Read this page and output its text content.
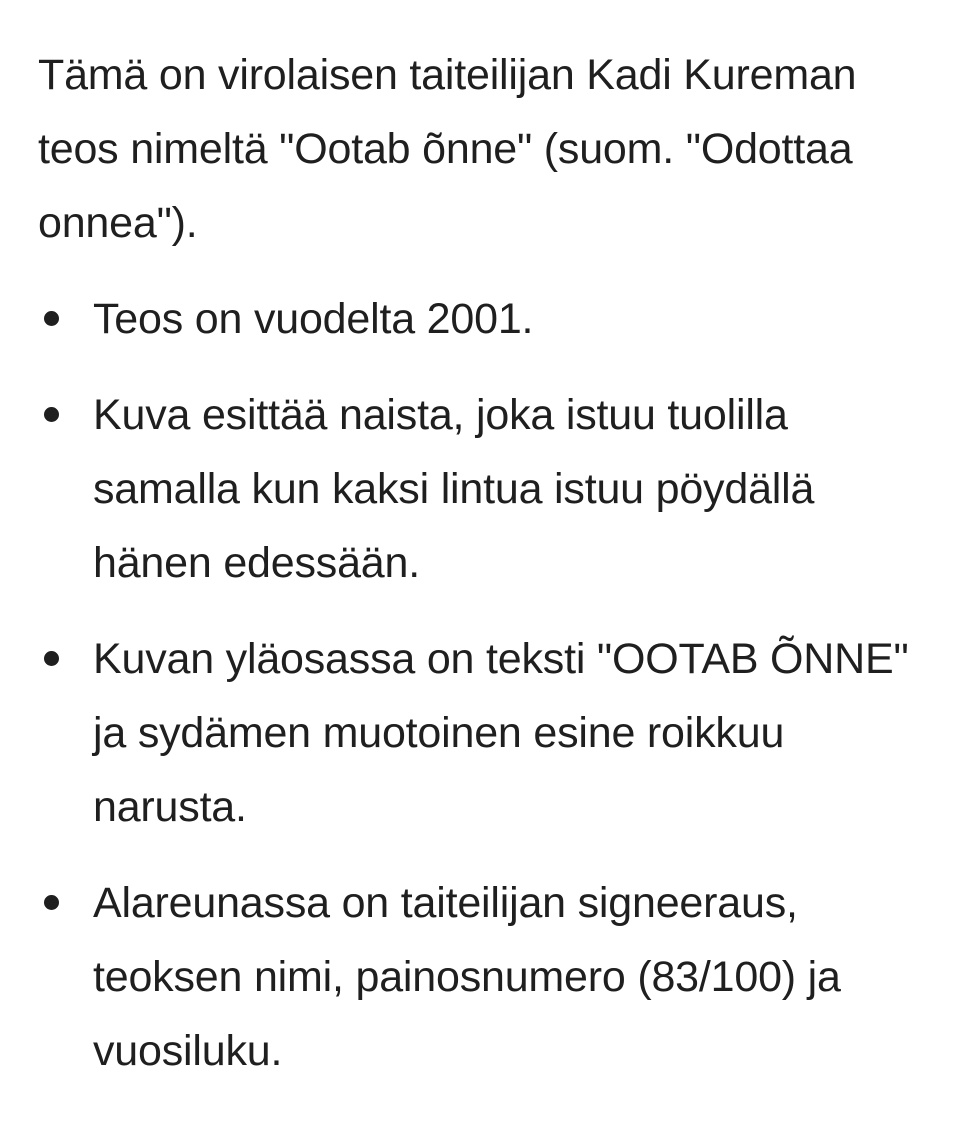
Tämä on virolaisen taiteilijan Kadi Kureman teos nimeltä "Ootab õnne" (suom. "Odottaa onnea").

Teos on vuodelta 2001.
Kuva esittää naista, joka istuu tuolilla samalla kun kaksi lintua istuu pöydällä hänen edessään.
Kuvan yläosassa on teksti "OOTAB ÕNNE" ja sydämen muotoinen esine roikkuu narusta.
Alareunassa on taiteilijan signeeraus, teoksen nimi, painosnumero (83/100) ja vuosiluku.
